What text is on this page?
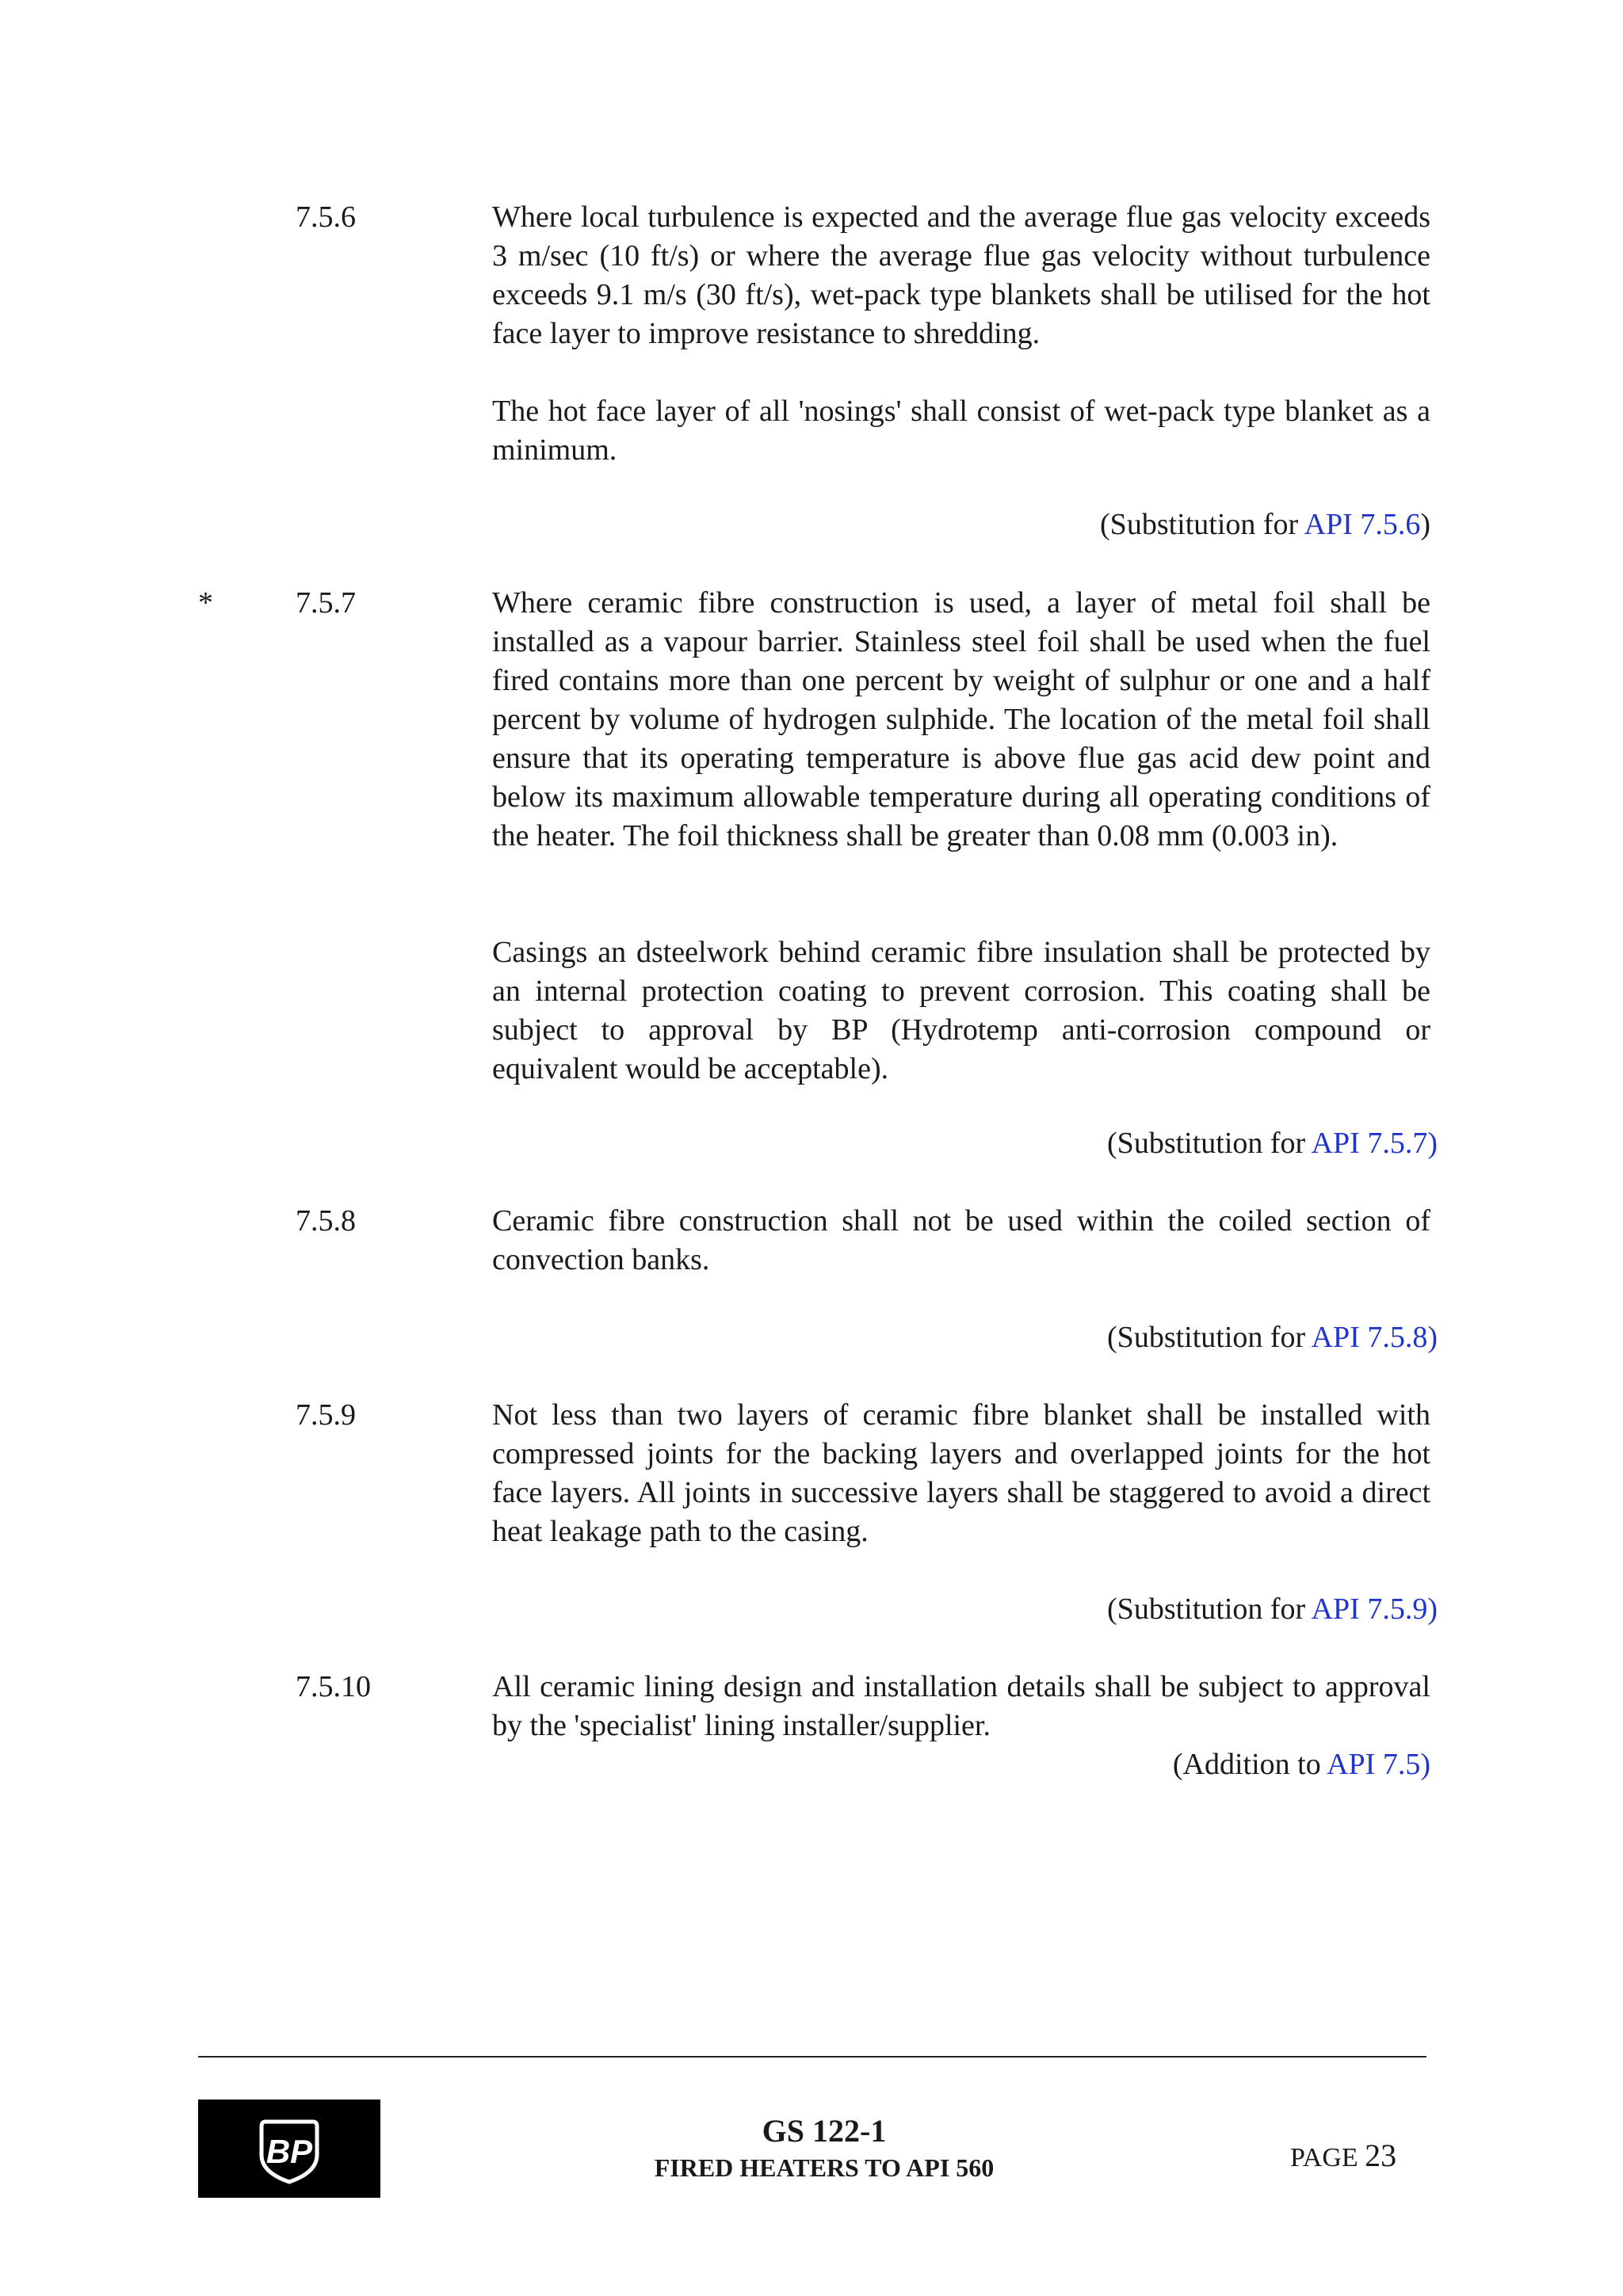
7.5.6	Where local turbulence is expected and the average flue gas velocity exceeds 3 m/sec (10 ft/s) or where the average flue gas velocity without turbulence exceeds 9.1 m/s (30 ft/s), wet-pack type blankets shall be utilised for the hot face layer to improve resistance to shredding.
The hot face layer of all 'nosings' shall consist of wet-pack type blanket as a minimum.
(Substitution for API 7.5.6)
*	7.5.7	Where ceramic fibre construction is used, a layer of metal foil shall be installed as a vapour barrier. Stainless steel foil shall be used when the fuel fired contains more than one percent by weight of sulphur or one and a half percent by volume of hydrogen sulphide. The location of the metal foil shall ensure that its operating temperature is above flue gas acid dew point and below its maximum allowable temperature during all operating conditions of the heater. The foil thickness shall be greater than 0.08 mm (0.003 in).
Casings an dsteelwork behind ceramic fibre insulation shall be protected by an internal protection coating to prevent corrosion. This coating shall be subject to approval by BP (Hydrotemp anti-corrosion compound or equivalent would be acceptable).
(Substitution for API 7.5.7)
7.5.8	Ceramic fibre construction shall not be used within the coiled section of convection banks.
(Substitution for API 7.5.8)
7.5.9	Not less than two layers of ceramic fibre blanket shall be installed with compressed joints for the backing layers and overlapped joints for the hot face layers. All joints in successive layers shall be staggered to avoid a direct heat leakage path to the casing.
(Substitution for API 7.5.9)
7.5.10	All ceramic lining design and installation details shall be subject to approval by the 'specialist' lining installer/supplier.
(Addition to API 7.5)
BP
GS 122-1
FIRED HEATERS TO API 560	PAGE 23
